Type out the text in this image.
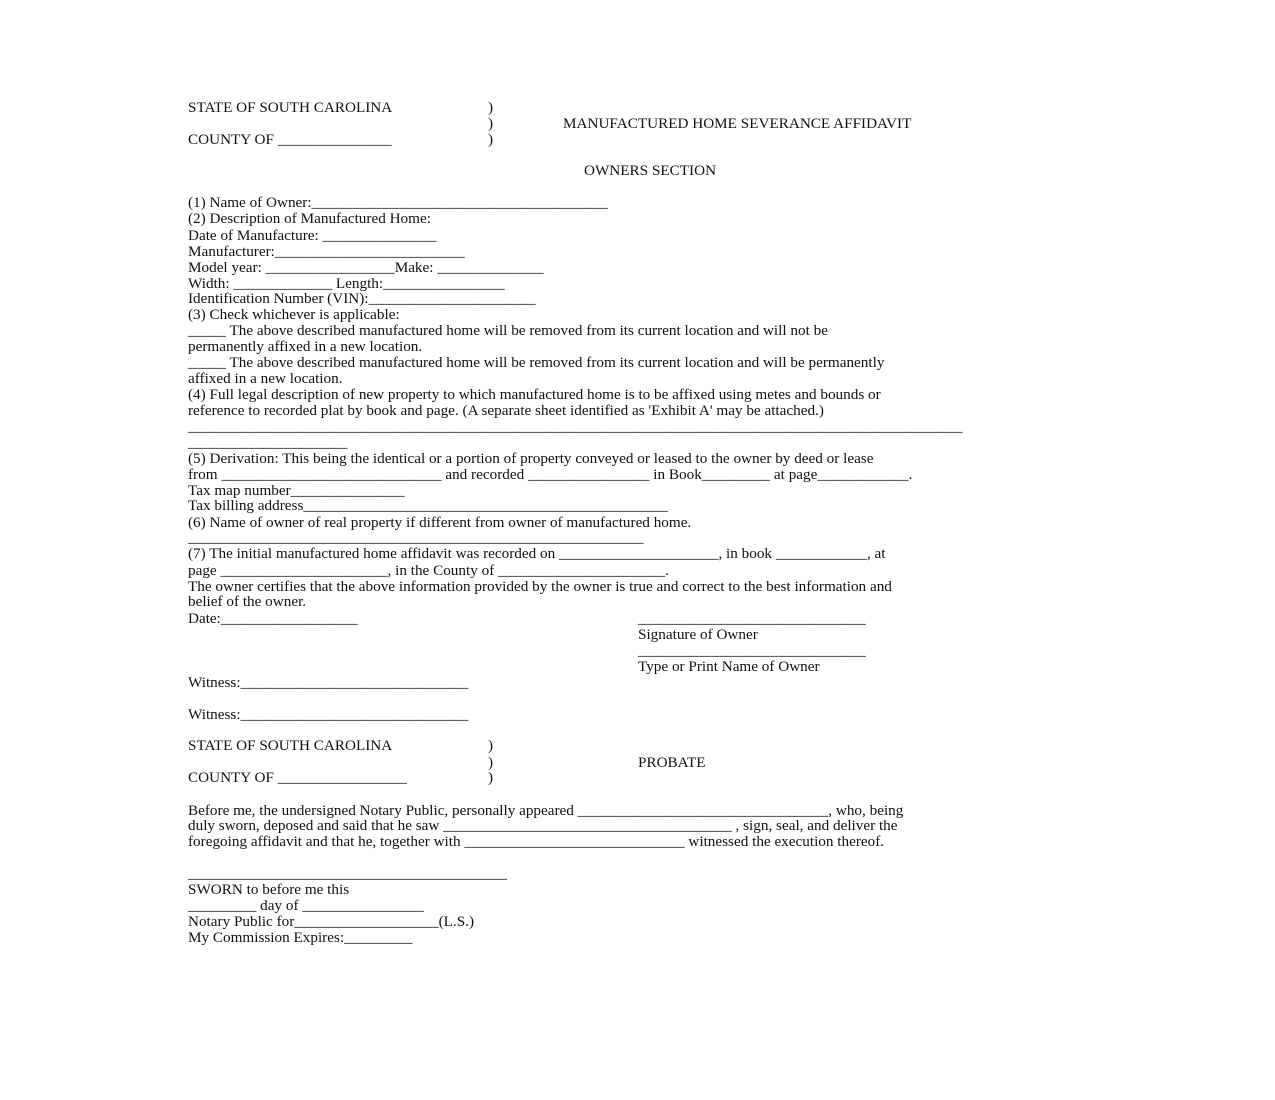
STATE OF SOUTH CAROLINA	)
)	MANUFACTURED HOME SEVERANCE AFFIDAVIT
COUNTY OF _______________	)
OWNERS SECTION
(1) Name of Owner:_______________________________________
(2) Description of Manufactured Home:
Date of Manufacture: _______________
Manufacturer:_________________________
Model year: _________________Make: ______________
Width: _____________ Length:________________
Identification Number (VIN):______________________
(3) Check whichever is applicable:
_____ The above described manufactured home will be removed from its current location and will not be
permanently affixed in a new location.
_____ The above described manufactured home will be removed from its current location and will be permanently
affixed in a new location.
(4) Full legal description of new property to which manufactured home is to be affixed using metes and bounds or
reference to recorded plat by book and page. (A separate sheet identified as 'Exhibit A' may be attached.)
______________________________________________________________________________________________________
_____________________
(5) Derivation: This being the identical or a portion of property conveyed or leased to the owner by deed or lease
from _____________________________ and recorded ________________ in Book_________ at page____________.
Tax map number_______________
Tax billing address________________________________________________
(6) Name of owner of real property if different from owner of manufactured home.
____________________________________________________________
(7) The initial manufactured home affidavit was recorded on _____________________, in book ____________, at
page ______________________, in the County of ______________________.
The owner certifies that the above information provided by the owner is true and correct to the best information and
belief of the owner.
Date:__________________	______________________________
Signature of Owner
______________________________
Type or Print Name of Owner
Witness:______________________________
Witness:______________________________
STATE OF SOUTH CAROLINA	)
)	PROBATE
COUNTY OF _________________	)
Before me, the undersigned Notary Public, personally appeared _________________________________, who, being
duly sworn, deposed and said that he saw ______________________________________ , sign, seal, and deliver the
foregoing affidavit and that he, together with _____________________________ witnessed the execution thereof.
__________________________________________
SWORN to before me this
_________ day of ________________
Notary Public for___________________(L.S.)
My Commission Expires:_________
